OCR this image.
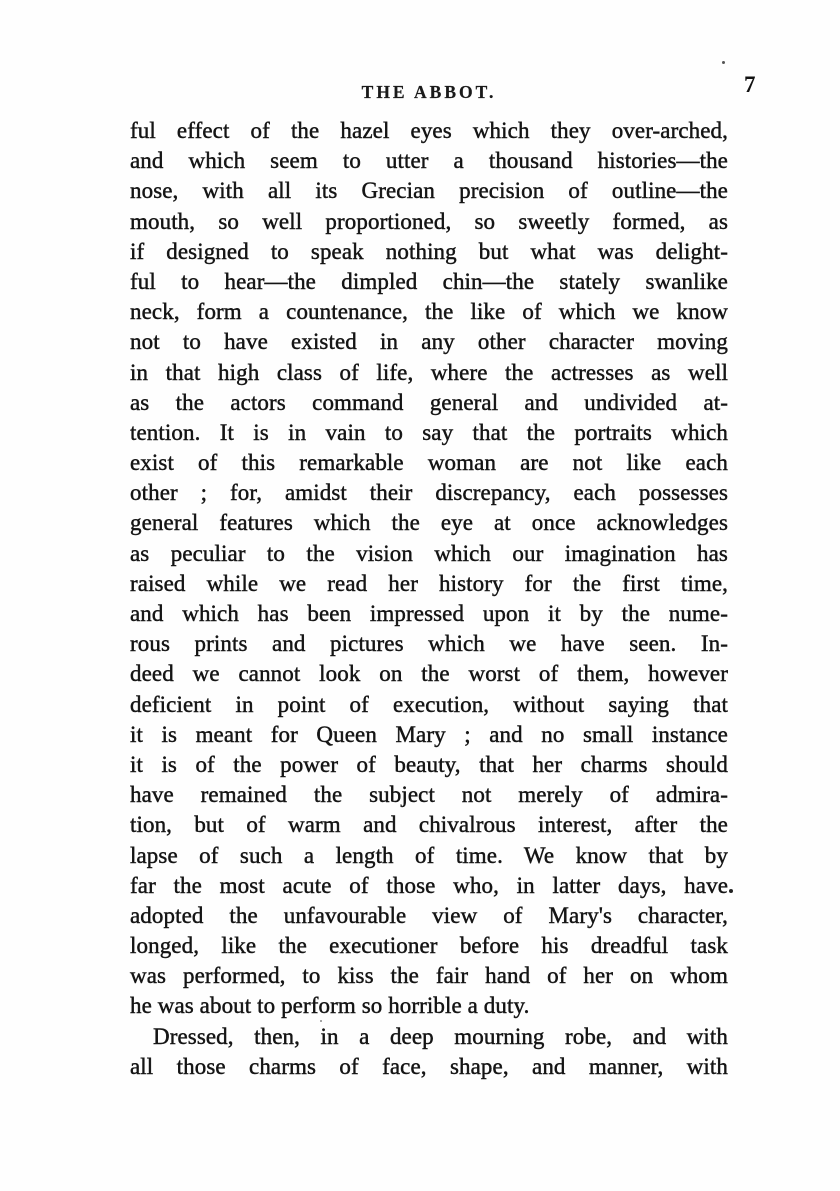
THE ABBOT.	7
ful effect of the hazel eyes which they over-arched,
and which seem to utter a thousand histories—the
nose, with all its Grecian precision of outline—the
mouth, so well proportioned, so sweetly formed, as
if designed to speak nothing but what was delight-
ful to hear—the dimpled chin—the stately swanlike
neck, form a countenance, the like of which we know
not to have existed in any other character moving
in that high class of life, where the actresses as well
as the actors command general and undivided at-
tention. It is in vain to say that the portraits which
exist of this remarkable woman are not like each
other ; for, amidst their discrepancy, each possesses
general features which the eye at once acknowledges
as peculiar to the vision which our imagination has
raised while we read her history for the first time,
and which has been impressed upon it by the nume-
rous prints and pictures which we have seen. In-
deed we cannot look on the worst of them, however
deficient in point of execution, without saying that
it is meant for Queen Mary ; and no small instance
it is of the power of beauty, that her charms should
have remained the subject not merely of admira-
tion, but of warm and chivalrous interest, after the
lapse of such a length of time. We know that by
far the most acute of those who, in latter days, have
adopted the unfavourable view of Mary's character,
longed, like the executioner before his dreadful task
was performed, to kiss the fair hand of her on whom
he was about to perform so horrible a duty.
Dressed, then, in a deep mourning robe, and with
all those charms of face, shape, and manner, with
